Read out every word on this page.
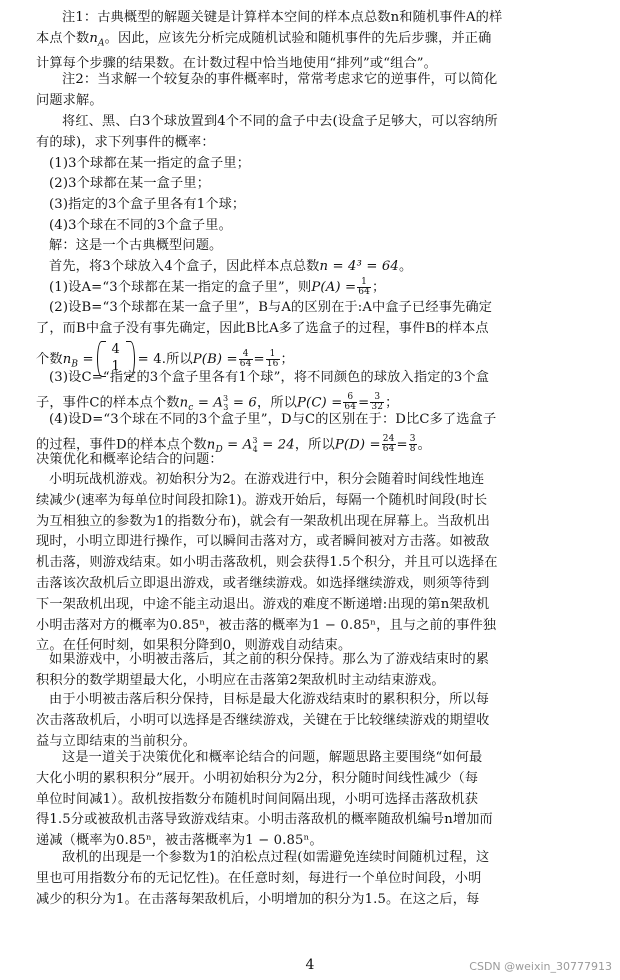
注1：古典概型的解题关键是计算样本空间的样本点总数n和随机事件A的样
本点个数$n_A$。因此，应该先分析完成随机试验和随机事件的先后步骤，并正确
计算每个步骤的结果数。在计数过程中恰当地使用“排列”或“组合”。
注2：当求解一个较复杂的事件概率时，常常考虑求它的逆事件，可以简化
问题求解。
将红、黑、白3个球放置到4个不同的盒子中去(设盒子足够大，可以容纳所
有的球)，求下列事件的概率：
(1)3个球都在某一指定的盒子里；
(2)3个球都在某一盒子里；
(3)指定的3个盒子里各有1个球；
(4)3个球在不同的3个盒子里。
解：这是一个古典概型问题。
首先，将3个球放入4个盒子，因此样本点总数n = 4³ = 64。
(1)设A=“3个球都在某一指定的盒子里”，则$P(A) = \frac{1}{64}$ ；
(2)设B=“3个球都在某一盒子里”，B与A的区别在于:A中盒子已经事先确定
了，而B中盒子没有事先确定，因此B比A多了选盒子的过程，事件B的样本点
个数$n_B$ =
4
1	= 4.所以$P(B) = \frac{4}{64} = \frac{1}{16}$ ；
(3)设C=“指定的3个盒子里各有1个球”，将不同颜色的球放入指定的3个盒
子，事件C的样本点个数$n_c = A^3_3 = 6$，所以$P(C) = \frac{6}{64} = \frac{3}{32}$ ；
(4)设D=“3个球在不同的3个盒子里”，D与C的区别在于：D比C多了选盒子
的过程，事件D的样本点个数$n_D = A^3_4 = 24$，所以$P(D) = \frac{24}{64} = \frac{3}{8}$ 。
决策优化和概率论结合的问题：
小明玩战机游戏。初始积分为2。在游戏进行中，积分会随着时间线性地连
续减少(速率为每单位时间段扣除1)。游戏开始后，每隔一个随机时间段(时长
为互相独立的参数为1的指数分布)，就会有一架敌机出现在屏幕上。当敌机出
现时，小明立即进行操作，可以瞬间击落对方，或者瞬间被对方击落。如被敌
机击落，则游戏结束。如小明击落敌机，则会获得1.5个积分，并且可以选择在
击落该次敌机后立即退出游戏，或者继续游戏。如选择继续游戏，则须等待到
下一架敌机出现，中途不能主动退出。游戏的难度不断递增:出现的第n架敌机
小明击落对方的概率为0.85ⁿ，被击落的概率为1 − 0.85ⁿ，且与之前的事件独
立。在任何时刻，如果积分降到0，则游戏自动结束。
如果游戏中，小明被击落后，其之前的积分保持。那么为了游戏结束时的累
积积分的数学期望最大化，小明应在击落第2架敌机时主动结束游戏。
由于小明被击落后积分保持，目标是最大化游戏结束时的累积积分，所以每
次击落敌机后，小明可以选择是否继续游戏，关键在于比较继续游戏的期望收
益与立即结束的当前积分。
这是一道关于决策优化和概率论结合的问题，解题思路主要围绕“如何最
大化小明的累积积分”展开。小明初始积分为2分，积分随时间线性减少（每
单位时间减1）。敌机按指数分布随机时间间隔出现，小明可选择击落敌机获
得1.5分或被敌机击落导致游戏结束。小明击落敌机的概率随敌机编号n增加而
递减（概率为0.85ⁿ，被击落概率为1 − 0.85ⁿ。
敌机的出现是一个参数为1的泊松点过程(如需避免连续时间随机过程，这
里也可用指数分布的无记忆性)。在任意时刻，每进行一个单位时间段，小明
减少的积分为1。在击落每架敌机后，小明增加的积分为1.5。在这之后，每
4	CSDN @weixin_30777913
